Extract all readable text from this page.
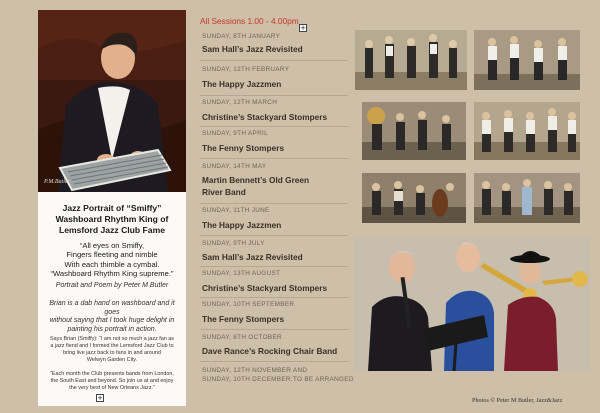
P.M.Butler
Jazz Portrait of “Smiffy”
Washboard Rhythm King of
Lemsford Jazz Club Fame
“All eyes on Smiffy,
Fingers fleeting and nimble
With each thimble a cymbal.
“Washboard Rhythm King supreme.”
Portrait and Poem by Peter M Butler
Brian is a dab hand on washboard and it goes
without saying that I took huge delight in
painting his portrait in action.
Says Brian (Smiffy): “I am not so much a jazz fan as
a jazz fiend and I formed the Lemsford Jazz Club to
bring live jazz back to fans in and around
Welwyn Garden City.
“Each month the Club presents bands from London,
the South East and beyond. So join us at and enjoy
the very best of New Orleans Jazz.”
+
All Sessions 1.00 - 4.00pm
+
SUNDAY, 8TH JANUARY
Sam Hall’s Jazz Revisited
SUNDAY, 12TH FEBRUARY
The Happy Jazzmen
SUNDAY, 12TH MARCH
Christine’s Stackyard Stompers
SUNDAY, 9TH APRIL
The Fenny Stompers
SUNDAY, 14TH MAY
Martin Bennett’s Old Green
River Band
SUNDAY, 11TH JUNE
The Happy Jazzmen
SUNDAY, 9TH JULY
Sam Hall’s Jazz Revisited
SUNDAY, 13TH AUGUST
Christine’s Stackyard Stompers
SUNDAY, 10TH SEPTEMBER
The Fenny Stompers
SUNDAY, 8TH OCTOBER
Dave Rance’s Rocking Chair Band
SUNDAY, 12TH NOVEMBER AND
SUNDAY, 10TH DECEMBER:TO BE ARRANGED
Photos © Peter M Butler, Jazz&Jazz
